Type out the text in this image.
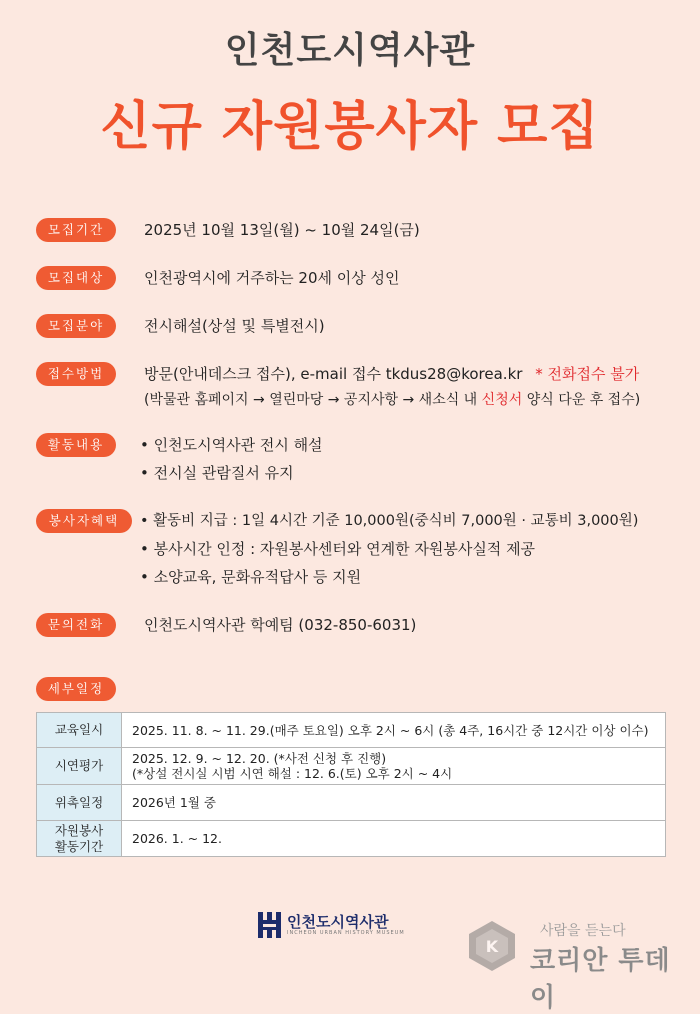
인천도시역사관
신규 자원봉사자 모집
모집기간	2025년 10월 13일(월) ~ 10월 24일(금)
모집대상	인천광역시에 거주하는 20세 이상 성인
모집분야	전시해설(상설 및 특별전시)
접수방법	방문(안내데스크 접수), e-mail 접수 tkdus28@korea.kr * 전화접수 불가
(박물관 홈페이지 → 열린마당 → 공지사항 → 새소식 내 신청서 양식 다운 후 접수)
활동내용	• 인천도시역사관 전시 해설
• 전시실 관람질서 유지
봉사자혜택	• 활동비 지급 : 1일 4시간 기준 10,000원(중식비 7,000원 · 교통비 3,000원)
• 봉사시간 인정 : 자원봉사센터와 연계한 자원봉사실적 제공
• 소양교육, 문화유적답사 등 지원
문의전화	인천도시역사관 학예팀 (032-850-6031)
세부일정
교육일시	2025. 11. 8. ~ 11. 29.(매주 토요일) 오후 2시 ~ 6시 (총 4주, 16시간 중 12시간 이상 이수)
시연평가	2025. 12. 9. ~ 12. 20. (*사전 신청 후 진행)
(*상설 전시실 시범 시연 해설 : 12. 6.(토) 오후 2시 ~ 4시

위촉일정	2026년 1월 중

자원봉사
활동기간	2026. 1. ~ 12.
인천도시역사관
INCHEON URBAN HISTORY MUSEUM
K
사람을 듣는다
코리안 투데이
